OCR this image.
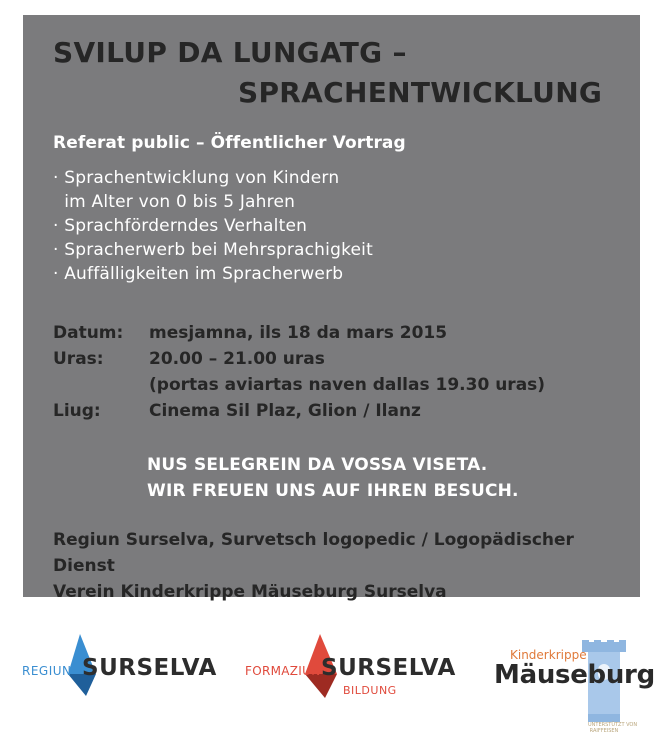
SVILUP DA LUNGATG –
SPRACHENTWICKLUNG

Referat public – Öffentlicher Vortrag

· Sprachentwicklung von Kindern
im Alter von 0 bis 5 Jahren
· Sprachförderndes Verhalten
· Spracherwerb bei Mehrsprachigkeit
· Auffälligkeiten im Spracherwerb
Datum:	mesjamna, ils 18 da mars 2015
Uras:	20.00 – 21.00 uras
(portas aviartas naven dallas 19.30 uras)
Liug:	Cinema Sil Plaz, Glion / Ilanz
NUS SELEGREIN DA VOSSA VISETA.
WIR FREUEN UNS AUF IHREN BESUCH.
Regiun Surselva, Survetsch logopedic / Logopädischer Dienst
Verein Kinderkrippe Mäuseburg Surselva
REGIUN SURSELVA FORMAZIUN SURSELVA
BILDUNG
Kinderkrippe
Mäuseburg
UNTERSTÜTZT VON
RAIFFEISEN
